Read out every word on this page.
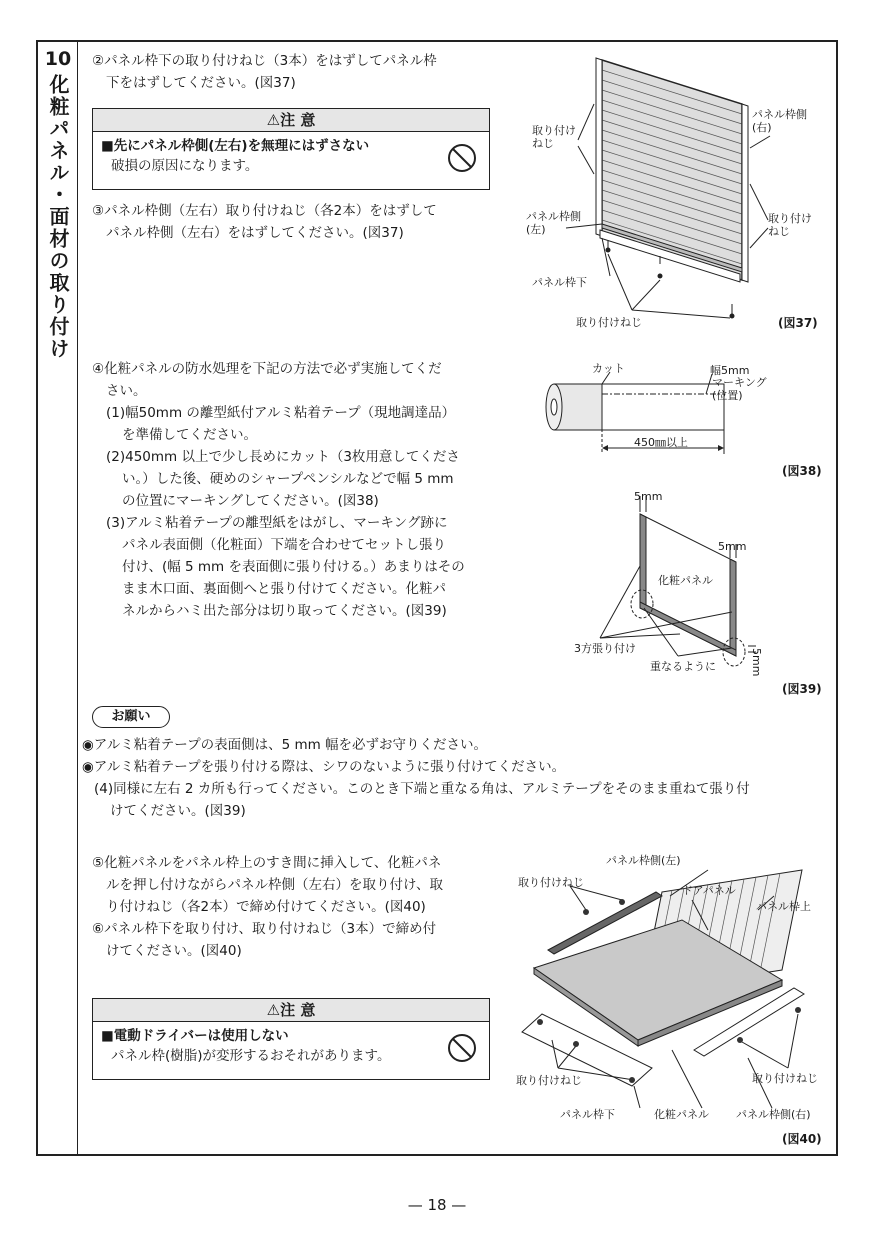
10
化粧パネル・面材の取り付け

②パネル枠下の取り付けねじ（3本）をはずしてパネル枠

下をはずしてください。(図37)

⚠注 意
■先にパネル枠側(左右)を無理にはずさない
破損の原因になります。

③パネル枠側（左右）取り付けねじ（各2本）をはずして

パネル枠側（左右）をはずしてください。(図37)

取り付け
ねじ
パネル枠側
(右)
パネル枠側
(左)
取り付け
ねじ
パネル枠下
取り付けねじ	(図37)

④化粧パネルの防水処理を下記の方法で必ず実施してくだ

さい。

(1)幅50mm の離型紙付アルミ粘着テープ（現地調達品）

を準備してください。

(2)450mm 以上で少し長めにカット（3枚用意してくださ

い。）した後、硬めのシャープペンシルなどで幅 5 mm

の位置にマーキングしてください。(図38)

(3)アルミ粘着テープの離型紙をはがし、マーキング跡に

パネル表面側（化粧面）下端を合わせてセットし張り

付け、(幅 5 mm を表面側に張り付ける。）あまりはその

まま木口面、裏面側へと張り付けてください。化粧パ

ネルからハミ出た部分は切り取ってください。(図39)

カット	幅5mm
マーキング
(位置)
450㎜以上
(図38)
5mm
5mm
化粧パネル
3方張り付け
重なるように	5mm
(図39)
お願い

◉アルミ粘着テープの表面側は、5 mm 幅を必ずお守りください。

◉アルミ粘着テープを張り付ける際は、シワのないように張り付けてください。

(4)同様に左右 2 カ所も行ってください。このとき下端と重なる角は、アルミテープをそのまま重ねて張り付

けてください。(図39)

⑤化粧パネルをパネル枠上のすき間に挿入して、化粧パネ

ルを押し付けながらパネル枠側（左右）を取り付け、取

り付けねじ（各2本）で締め付けてください。(図40)

⑥パネル枠下を取り付け、取り付けねじ（3本）で締め付

けてください。(図40)

⚠注 意
■電動ドライバーは使用しない
パネル枠(樹脂)が変形するおそれがあります。
パネル枠側(左)
取り付けねじ
ドアパネル
パネル枠上
取り付けねじ	取り付けねじ
パネル枠下	化粧パネル パネル枠側(右)
(図40)
— 18 —
